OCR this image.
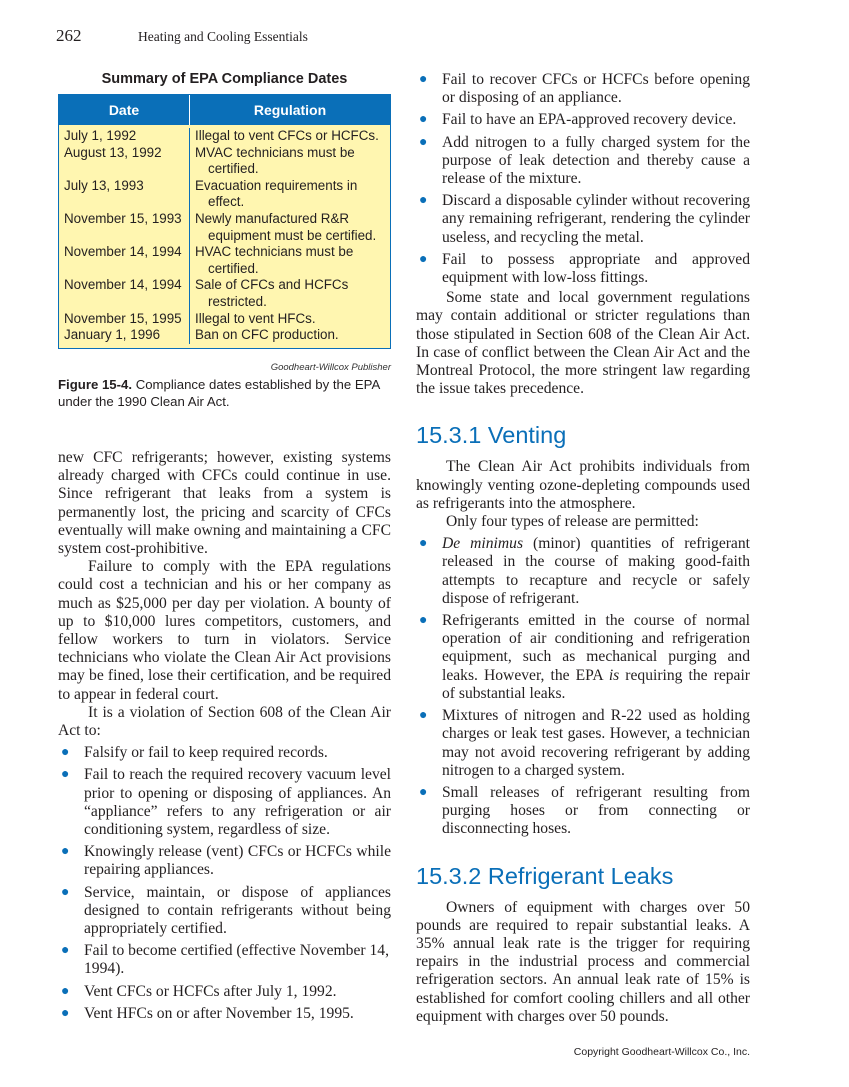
262	Heating and Cooling Essentials
Summary of EPA Compliance Dates
Date	Regulation
July 1, 1992
August 13, 1992

July 13, 1993

November 15, 1993

November 14, 1994

November 14, 1994

November 15, 1995
January 1, 1996
Illegal to vent CFCs or HCFCs.
MVAC technicians must be
certified.
Evacuation requirements in
effect.
Newly manufactured R&R
equipment must be certified.
HVAC technicians must be
certified.
Sale of CFCs and HCFCs
restricted.
Illegal to vent HFCs.
Ban on CFC production.
Goodheart-Willcox Publisher
Figure 15-4. Compliance dates established by the EPA under the 1990 Clean Air Act.

new CFC refrigerants; however, existing systems already charged with CFCs could continue in use. Since refrigerant that leaks from a system is permanently lost, the pricing and scarcity of CFCs eventually will make owning and maintaining a CFC system cost-prohibitive.

Failure to comply with the EPA regulations could cost a technician and his or her company as much as $25,000 per day per violation. A bounty of up to $10,000 lures competitors, customers, and fellow workers to turn in violators. Service technicians who violate the Clean Air Act provisions may be fined, lose their certification, and be required to appear in federal court.

It is a violation of Section 608 of the Clean Air Act to:

● Falsify or fail to keep required records.
● Fail to reach the required recovery vacuum level prior to opening or disposing of appliances. An “appliance” refers to any refrigeration or air conditioning system, regardless of size.
● Knowingly release (vent) CFCs or HCFCs while repairing appliances.
● Service, maintain, or dispose of appliances designed to contain refrigerants without being appropriately certified.
● Fail to become certified (effective November 14, 1994).
● Vent CFCs or HCFCs after July 1, 1992.
● Vent HFCs on or after November 15, 1995.
● Fail to recover CFCs or HCFCs before opening or disposing of an appliance.
● Fail to have an EPA-approved recovery device.
● Add nitrogen to a fully charged system for the purpose of leak detection and thereby cause a release of the mixture.
● Discard a disposable cylinder without recovering any remaining refrigerant, rendering the cylinder useless, and recycling the metal.
● Fail to possess appropriate and approved equipment with low-loss fittings.

Some state and local government regulations may contain additional or stricter regulations than those stipulated in Section 608 of the Clean Air Act. In case of conflict between the Clean Air Act and the Montreal Protocol, the more stringent law regarding the issue takes precedence.

15.3.1 Venting

The Clean Air Act prohibits individuals from knowingly venting ozone-depleting compounds used as refrigerants into the atmosphere.

Only four types of release are permitted:

● De minimus (minor) quantities of refrigerant released in the course of making good-faith attempts to recapture and recycle or safely dispose of refrigerant.
● Refrigerants emitted in the course of normal operation of air conditioning and refrigeration equipment, such as mechanical purging and leaks. However, the EPA is requiring the repair of substantial leaks.
● Mixtures of nitrogen and R-22 used as holding charges or leak test gases. However, a technician may not avoid recovering refrigerant by adding nitrogen to a charged system.
● Small releases of refrigerant resulting from purging hoses or from connecting or disconnecting hoses.
15.3.2 Refrigerant Leaks

Owners of equipment with charges over 50 pounds are required to repair substantial leaks. A 35% annual leak rate is the trigger for requiring repairs in the industrial process and commercial refrigeration sectors. An annual leak rate of 15% is established for comfort cooling chillers and all other equipment with charges over 50 pounds.

Copyright Goodheart-Willcox Co., Inc.
